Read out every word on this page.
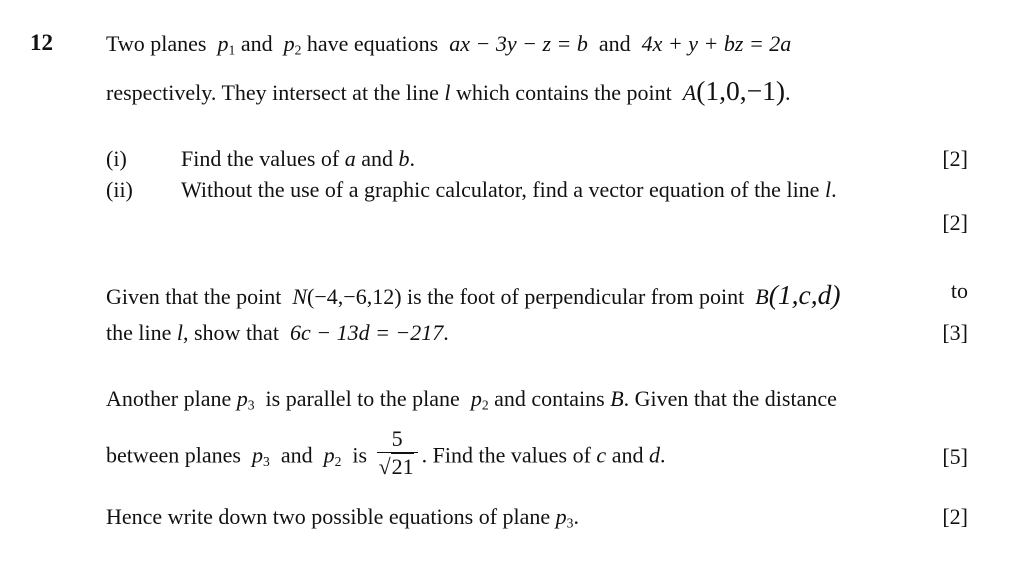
12 Two planes $p_1$ and $p_2$ have equations ax − 3y − z = b and 4x + y + bz = 2a
respectively. They intersect at the line l which contains the point A(1,0,−1).
(i) Find the values of a and b.	[2]
(ii) Without the use of a graphic calculator, find a vector equation of the line l.
[2]
Given that the point N(−4,−6,12) is the foot of perpendicular from point B(1,c,d)	to
the line l, show that 6c − 13d = −217.	[3]
Another plane $p_3$ is parallel to the plane $p_2$ and contains B. Given that the distance
between planes $p_3$ and $p_2$ is $\frac{5}{√21}$ . Find the values of c and d.	[5]
Hence write down two possible equations of plane $p_3$.	[2]
